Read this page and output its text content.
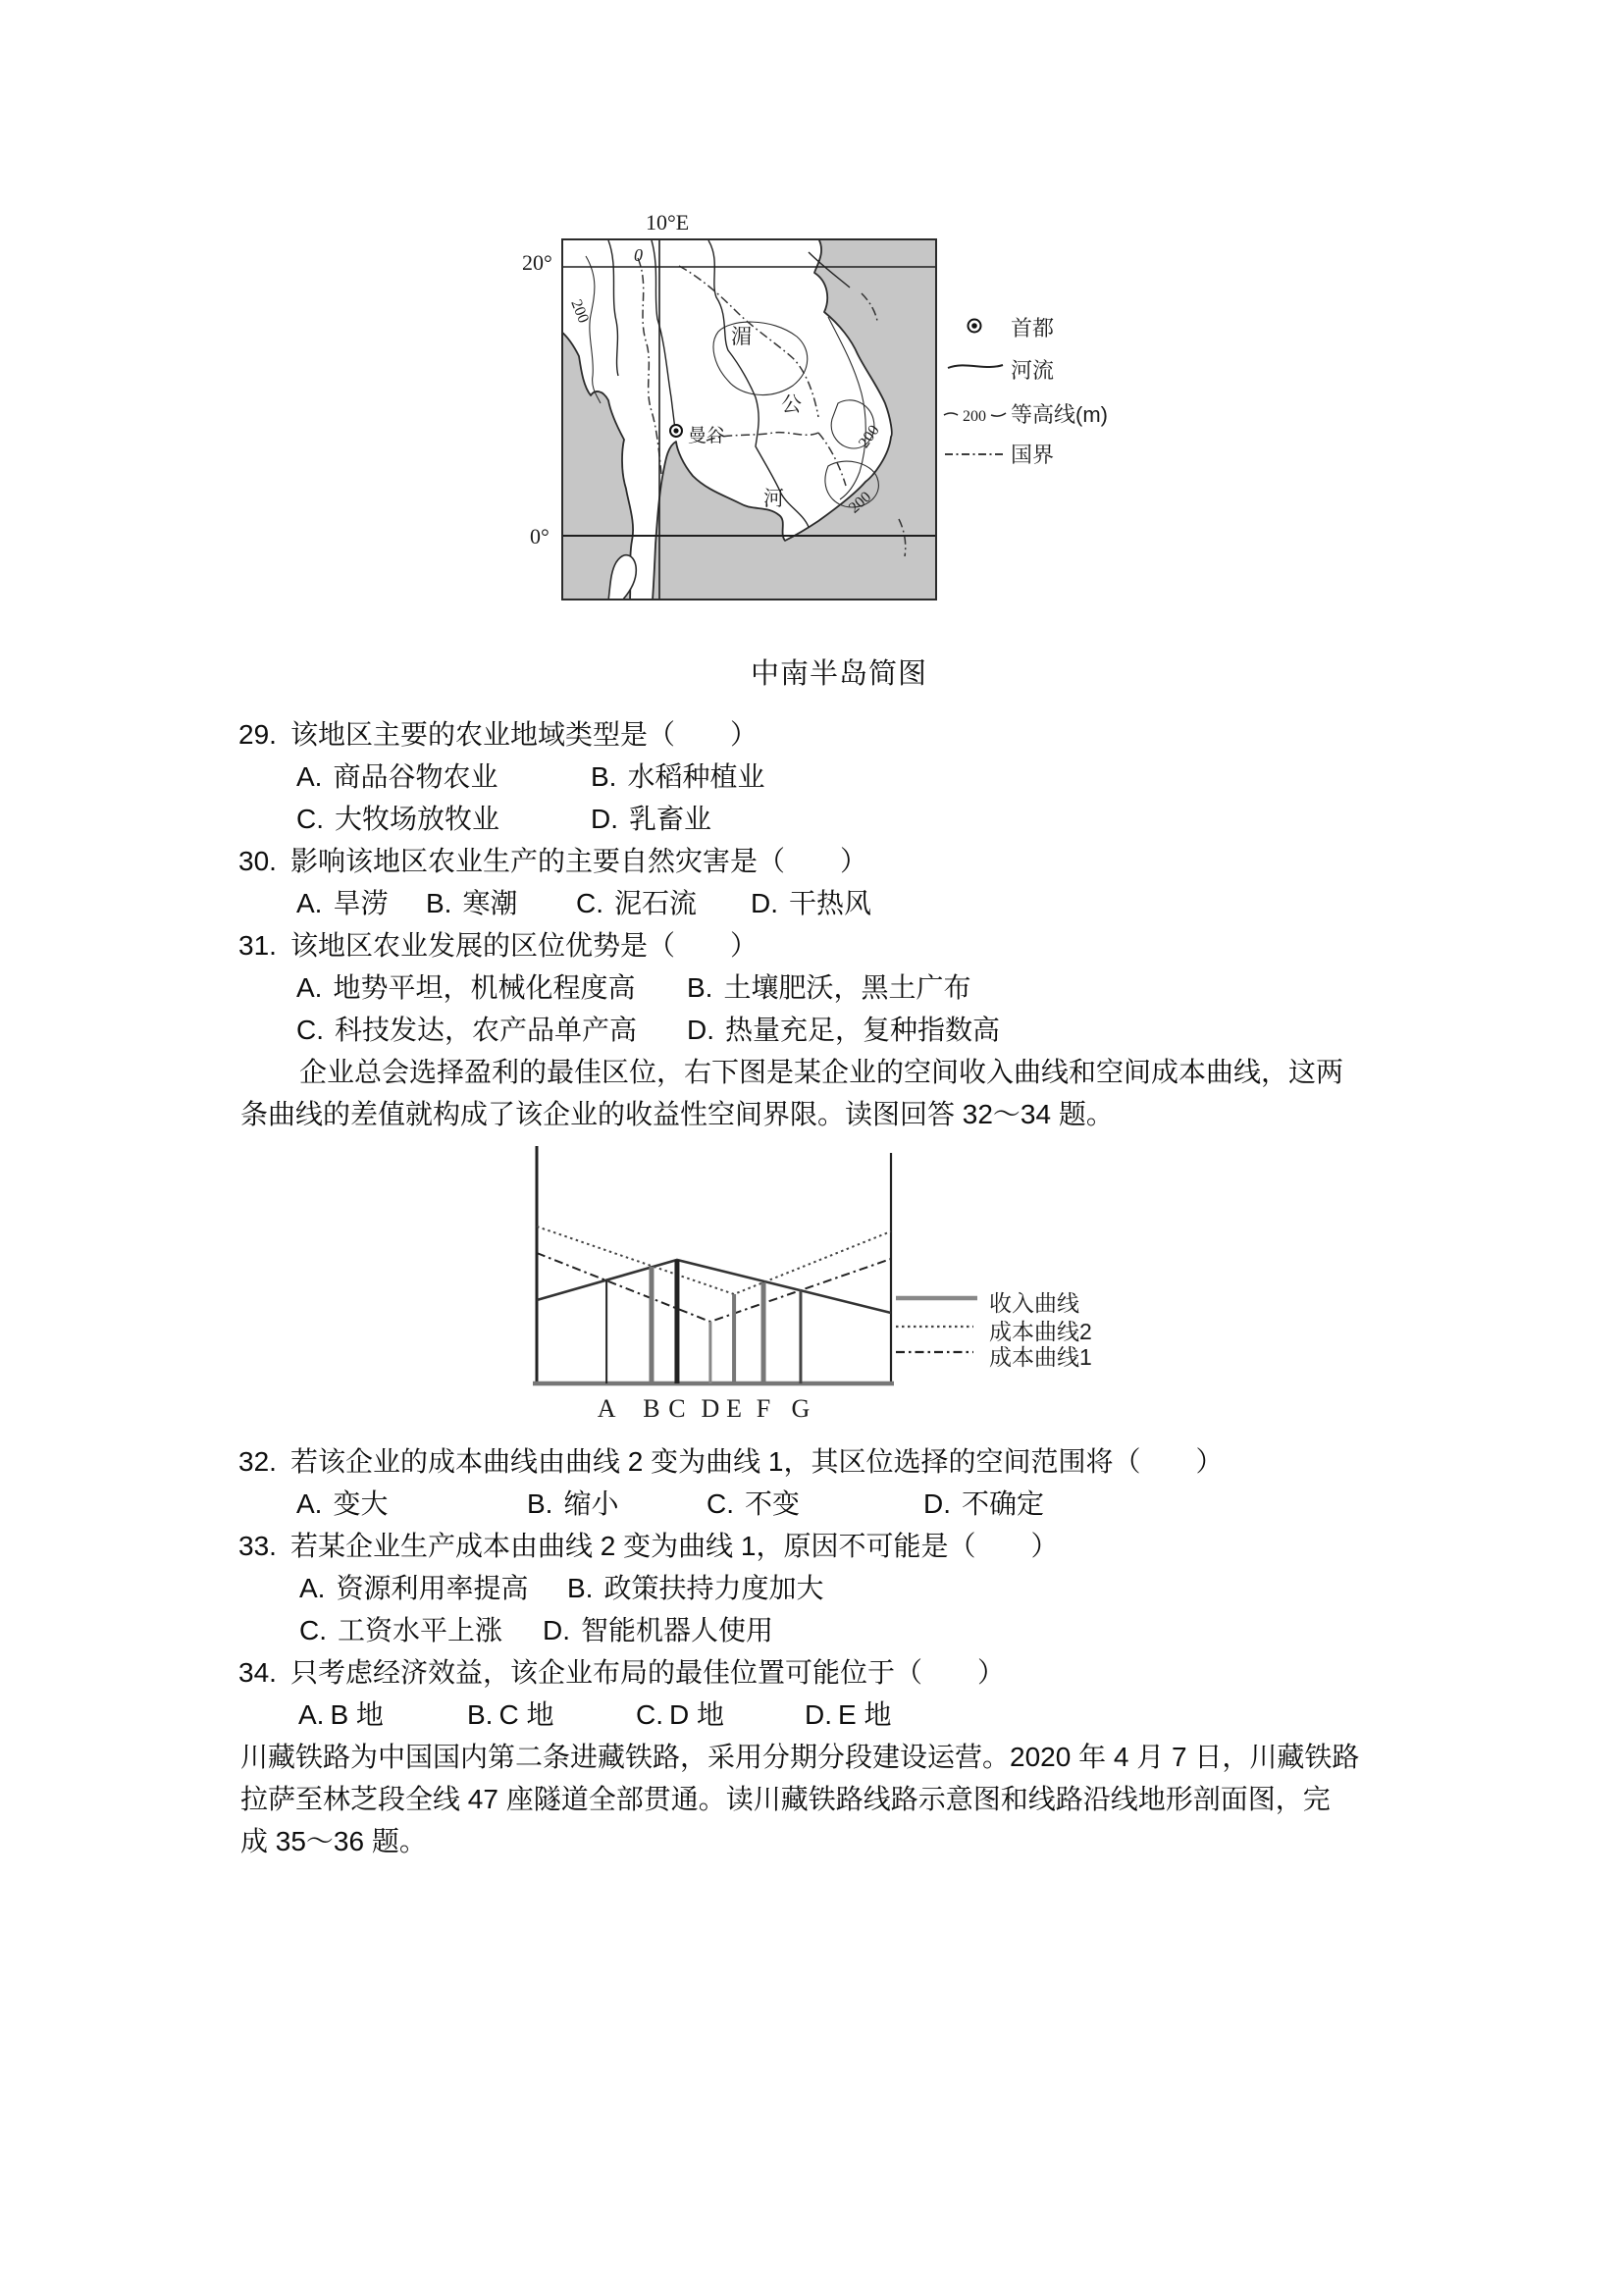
10°E
20°
0°
0
湄
公
河
曼谷
200
200
200
200
首都
河流
等高线(m)
国界
中南半岛简图
29. 该地区主要的农业地域类型是（　　）
A. 商品谷物农业	B. 水稻种植业
C. 大牧场放牧业	D. 乳畜业
30. 影响该地区农业生产的主要自然灾害是（　　）
A. 旱涝 B. 寒潮 C. 泥石流 D. 干热风
31. 该地区农业发展的区位优势是（　　）
A. 地势平坦，机械化程度高 B. 土壤肥沃，黑土广布
C. 科技发达，农产品单产高 D. 热量充足，复种指数高
企业总会选择盈利的最佳区位，右下图是某企业的空间收入曲线和空间成本曲线，这两
条曲线的差值就构成了该企业的收益性空间界限。读图回答 32～34 题。
A B C D E F G
收入曲线
成本曲线2
成本曲线1
32. 若该企业的成本曲线由曲线 2 变为曲线 1，其区位选择的空间范围将（　　）
A. 变大	B. 缩小	C. 不变	D. 不确定
33. 若某企业生产成本由曲线 2 变为曲线 1，原因不可能是（　　）
A. 资源利用率提高 B. 政策扶持力度加大
C. 工资水平上涨 D. 智能机器人使用
34. 只考虑经济效益，该企业布局的最佳位置可能位于（　　）
A. B 地	B. C 地	C. D 地	D. E 地
川藏铁路为中国国内第二条进藏铁路，采用分期分段建设运营。2020 年 4 月 7 日，川藏铁路
拉萨至林芝段全线 47 座隧道全部贯通。读川藏铁路线路示意图和线路沿线地形剖面图，完
成 35～36 题。
